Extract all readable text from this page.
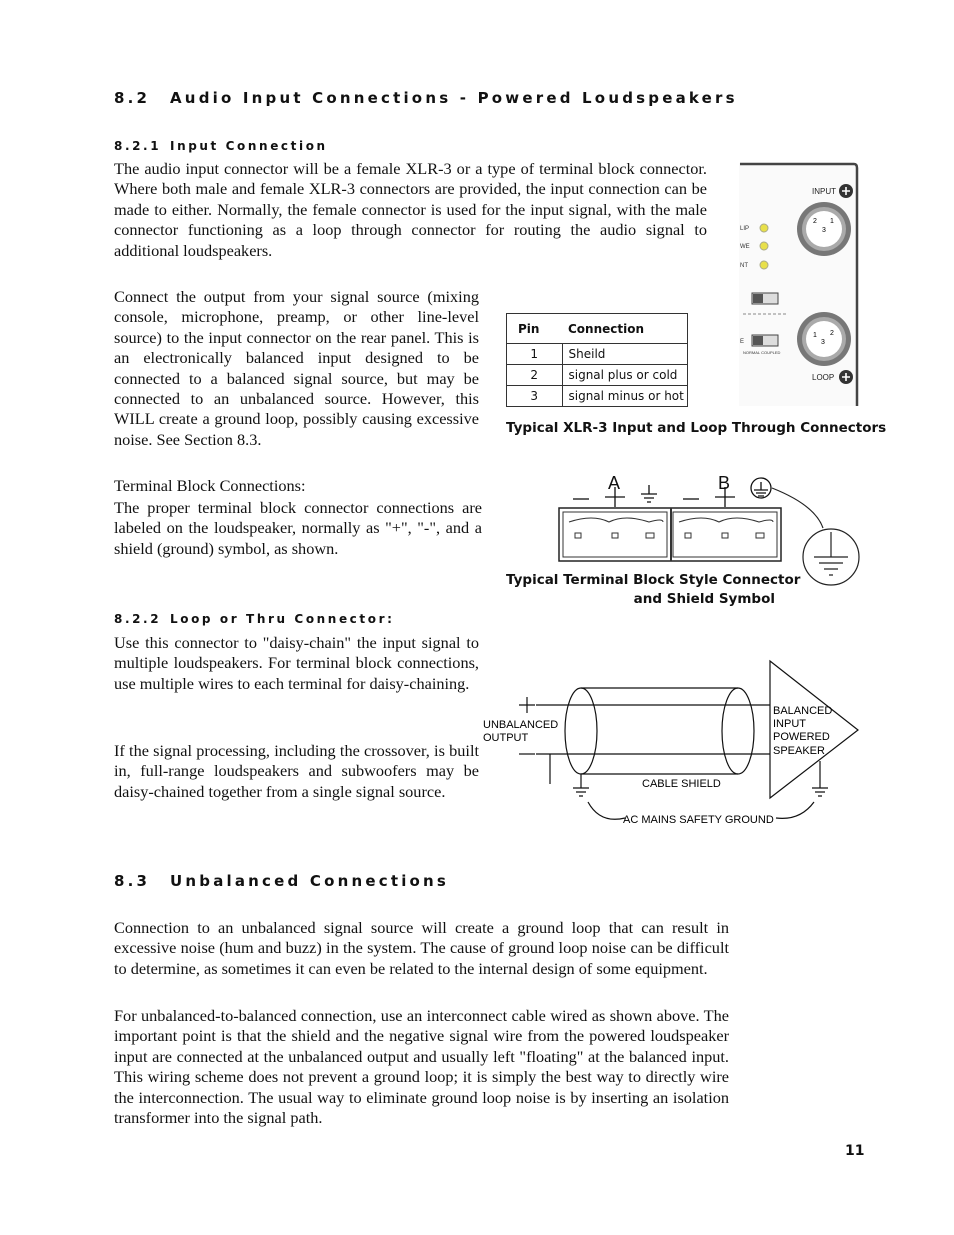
8.2 Audio Input Connections - Powered Loudspeakers
8.2.1 Input Connection

The audio input connector will be a female XLR-3 or a type of terminal block connector. Where both male and female XLR-3 connectors are provided, the input connection can be made to either. Normally, the female connector is used for the input signal, with the male connector functioning as a loop through connector for routing the audio signal to additional loudspeakers.

Connect the output from your signal source (mixing console, microphone, preamp, or other line-level source) to the input connector on the rear panel. This is an electronically balanced input designed to be connected to a balanced signal source, but may be connected to an unbalanced source. However, this WILL create a ground loop, possibly causing excessive noise. See Section 8.3.

Pin	Connection
1	Sheild
2	signal plus or cold
3	signal minus or hot
INPUT
2 1
3
LIP
WE
NT
E
NORMAL COUPLED
1 2
3
LOOP
Typical XLR-3 Input and Loop Through Connectors
Terminal Block Connections:

The proper terminal block connector connections are labeled on the loudspeaker, normally as "+", "-", and a shield (ground) symbol, as shown.

A	B
Typical Terminal Block Style Connector
and Shield Symbol
8.2.2 Loop or Thru Connector:

Use this connector to "daisy-chain" the input signal to multiple loudspeakers. For terminal block connections, use multiple wires to each terminal for daisy-chaining.

If the signal processing, including the crossover, is built in, full-range loudspeakers and subwoofers may be daisy-chained together from a single signal source.

UNBALANCED
OUTPUT
BALANCED
INPUT
POWERED
SPEAKER
CABLE SHIELD
AC MAINS SAFETY GROUND
8.3 Unbalanced Connections

Connection to an unbalanced signal source will create a ground loop that can result in excessive noise (hum and buzz) in the system. The cause of ground loop noise can be difficult to determine, as sometimes it can even be related to the internal design of some equipment.

For unbalanced-to-balanced connection, use an interconnect cable wired as shown above. The important point is that the shield and the negative signal wire from the powered loudspeaker input are connected at the unbalanced output and usually left "floating" at the balanced input. This wiring scheme does not prevent a ground loop; it is simply the best way to directly wire the interconnection. The usual way to eliminate ground loop noise is by inserting an isolation transformer into the signal path.

11
